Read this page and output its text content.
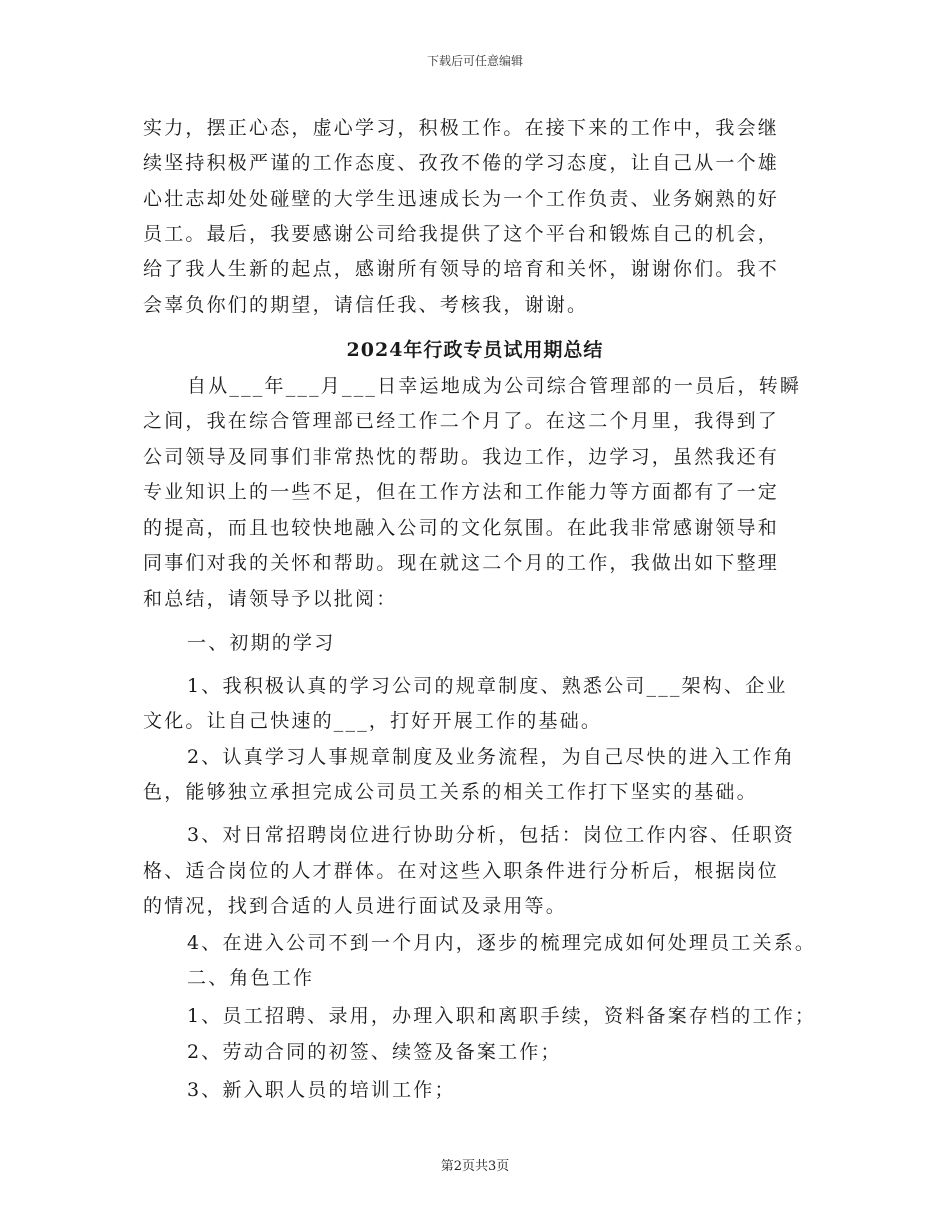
下载后可任意编辑
实力，摆正心态，虚心学习，积极工作。在接下来的工作中，我会继
续坚持积极严谨的工作态度、孜孜不倦的学习态度，让自己从一个雄
心壮志却处处碰壁的大学生迅速成长为一个工作负责、业务娴熟的好
员工。最后，我要感谢公司给我提供了这个平台和锻炼自己的机会，
给了我人生新的起点，感谢所有领导的培育和关怀，谢谢你们。我不
会辜负你们的期望，请信任我、考核我，谢谢。
2024年行政专员试用期总结
自从___年___月___日幸运地成为公司综合管理部的一员后，转瞬
之间，我在综合管理部已经工作二个月了。在这二个月里，我得到了
公司领导及同事们非常热忱的帮助。我边工作，边学习，虽然我还有
专业知识上的一些不足，但在工作方法和工作能力等方面都有了一定
的提高，而且也较快地融入公司的文化氛围。在此我非常感谢领导和
同事们对我的关怀和帮助。现在就这二个月的工作，我做出如下整理
和总结，请领导予以批阅：
一、初期的学习
1、我积极认真的学习公司的规章制度、熟悉公司___架构、企业
文化。让自己快速的___，打好开展工作的基础。
2、认真学习人事规章制度及业务流程，为自己尽快的进入工作角
色，能够独立承担完成公司员工关系的相关工作打下坚实的基础。
3、对日常招聘岗位进行协助分析，包括：岗位工作内容、任职资
格、适合岗位的人才群体。在对这些入职条件进行分析后，根据岗位
的情况，找到合适的人员进行面试及录用等。
4、在进入公司不到一个月内，逐步的梳理完成如何处理员工关系。
二、角色工作
1、员工招聘、录用，办理入职和离职手续，资料备案存档的工作；
2、劳动合同的初签、续签及备案工作；
3、新入职人员的培训工作；
第2页共3页
